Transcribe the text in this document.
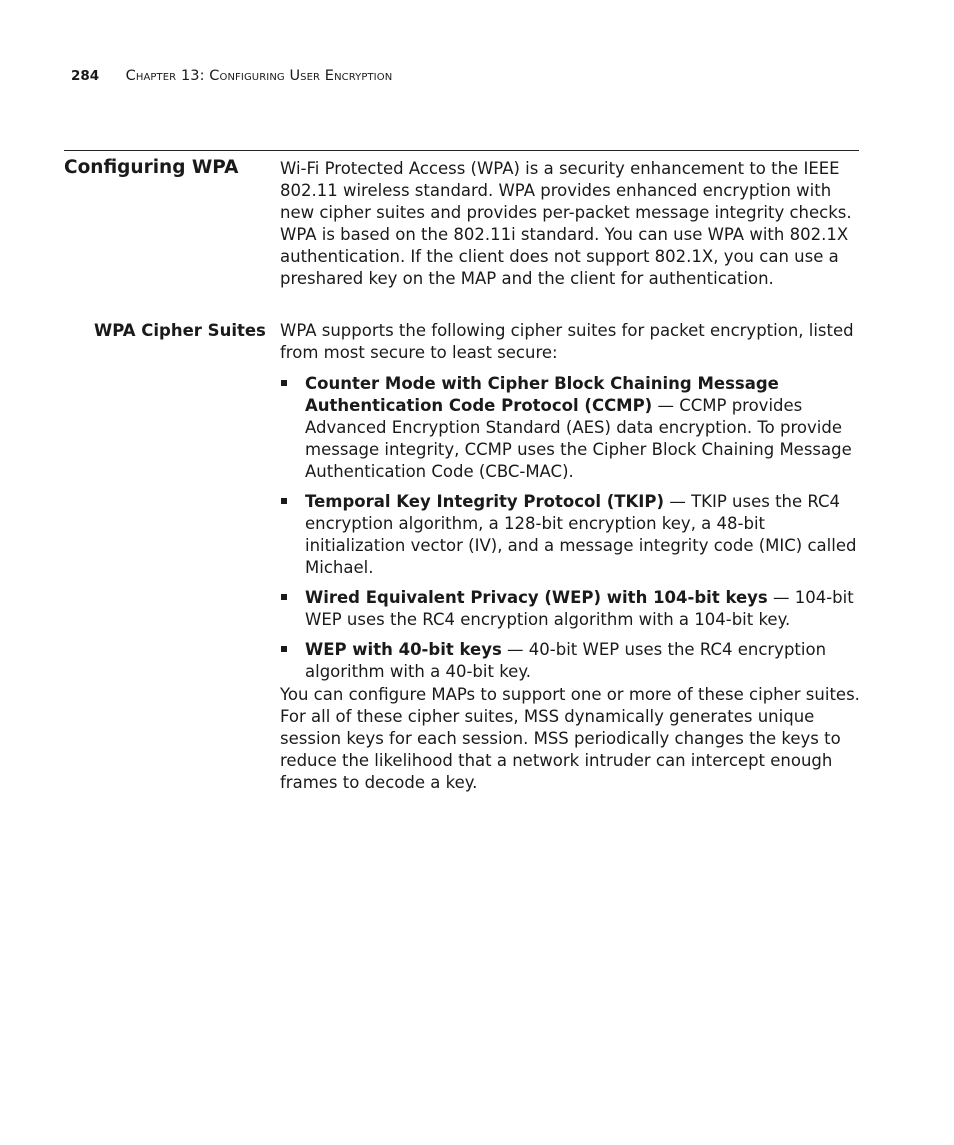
284 Chapter 13: Configuring User Encryption
Configuring WPA	Wi-Fi Protected Access (WPA) is a security enhancement to the IEEE 802.11 wireless standard. WPA provides enhanced encryption with new cipher suites and provides per-packet message integrity checks. WPA is based on the 802.11i standard. You can use WPA with 802.1X authentication. If the client does not support 802.1X, you can use a preshared key on the MAP and the client for authentication.

WPA Cipher Suites WPA supports the following cipher suites for packet encryption, listed from most secure to least secure:

Counter Mode with Cipher Block Chaining Message Authentication Code Protocol (CCMP) — CCMP provides Advanced Encryption Standard (AES) data encryption. To provide message integrity, CCMP uses the Cipher Block Chaining Message Authentication Code (CBC-MAC).
Temporal Key Integrity Protocol (TKIP) — TKIP uses the RC4 encryption algorithm, a 128-bit encryption key, a 48-bit initialization vector (IV), and a message integrity code (MIC) called Michael.
Wired Equivalent Privacy (WEP) with 104-bit keys — 104-bit WEP uses the RC4 encryption algorithm with a 104-bit key.
WEP with 40-bit keys — 40-bit WEP uses the RC4 encryption algorithm with a 40-bit key.

You can configure MAPs to support one or more of these cipher suites. For all of these cipher suites, MSS dynamically generates unique session keys for each session. MSS periodically changes the keys to reduce the likelihood that a network intruder can intercept enough frames to decode a key.
